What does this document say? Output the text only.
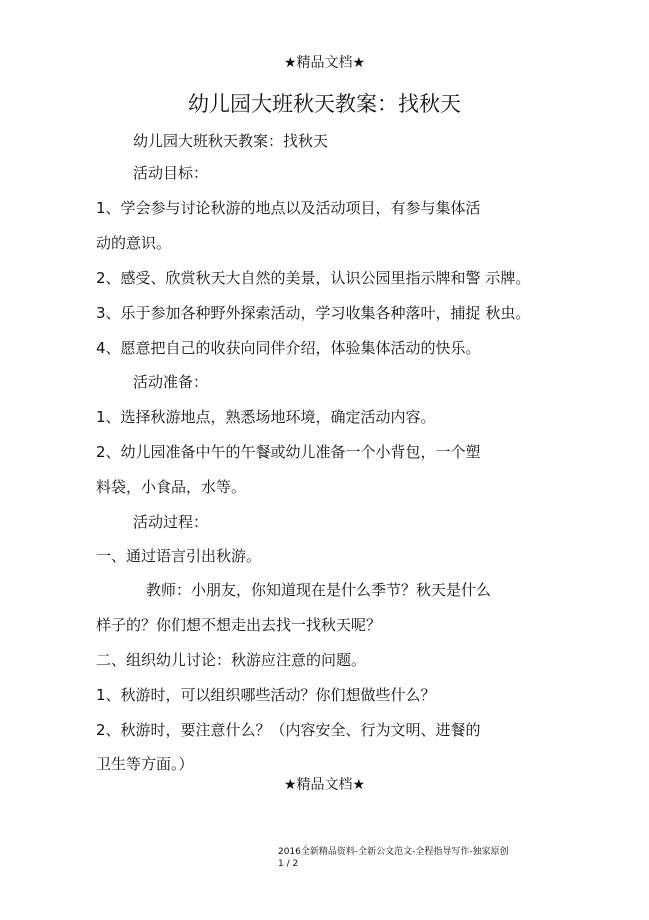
★精品文档★
幼儿园大班秋天教案：找秋天
幼儿园大班秋天教案：找秋天
活动目标：
1、学会参与讨论秋游的地点以及活动项目，有参与集体活
动的意识。
2、感受、欣赏秋天大自然的美景，认识公园里指示牌和警 示牌。
3、乐于参加各种野外探索活动，学习收集各种落叶，捕捉 秋虫。
4、愿意把自己的收获向同伴介绍，体验集体活动的快乐。
活动准备：
1、选择秋游地点，熟悉场地环境，确定活动内容。
2、幼儿园准备中午的午餐或幼儿准备一个小背包，一个塑
料袋，小食品，水等。
活动过程：
一、通过语言引出秋游。
教师：小朋友，你知道现在是什么季节？秋天是什么
样子的？你们想不想走出去找一找秋天呢？
二、组织幼儿讨论：秋游应注意的问题。
1、秋游时，可以组织哪些活动？你们想做些什么？
2、秋游时，要注意什么？（内容安全、行为文明、进餐的
卫生等方面。）
★精品文档★
2016全新精品资料-全新公文范文-全程指导写作-独家原创
1 / 2
